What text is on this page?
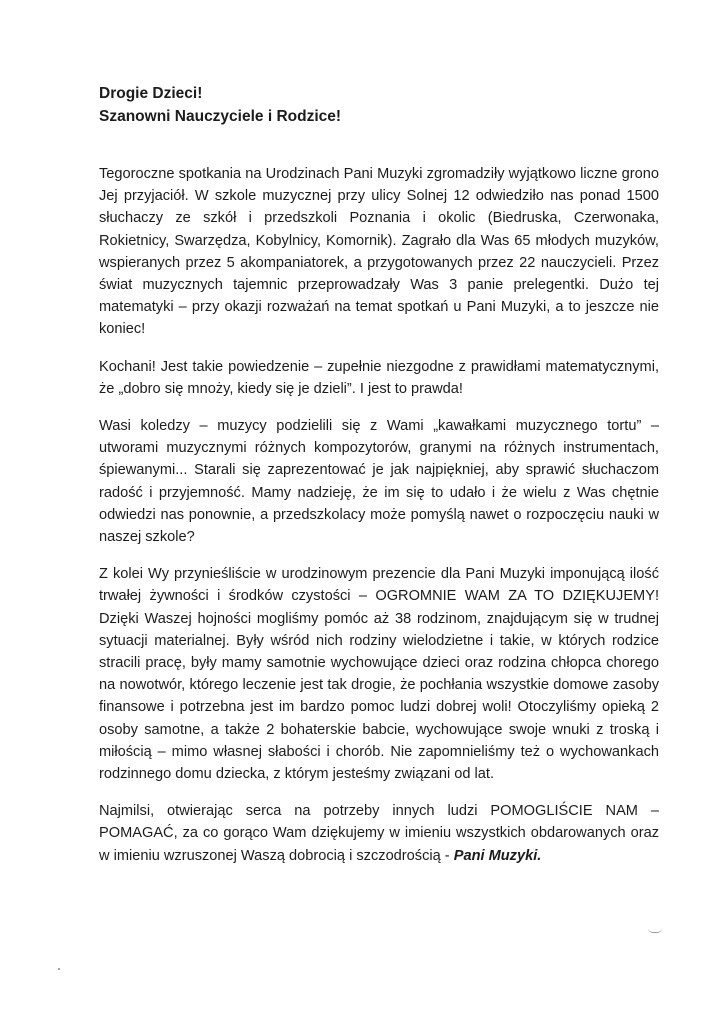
Drogie Dzieci!
Szanowni Nauczyciele i Rodzice!

Tegoroczne spotkania na Urodzinach Pani Muzyki zgromadziły wyjątkowo liczne grono Jej przyjaciół. W szkole muzycznej przy ulicy Solnej 12 odwiedziło nas ponad 1500 słuchaczy ze szkół i przedszkoli Poznania i okolic (Biedruska, Czerwonaka, Rokietnicy, Swarzędza, Kobylnicy, Komornik). Zagrało dla Was 65 młodych muzyków, wspieranych przez 5 akompaniatorek, a przygotowanych przez 22 nauczycieli. Przez świat muzycznych tajemnic przeprowadzały Was 3 panie prelegentki. Dużo tej matematyki – przy okazji rozważań na temat spotkań u Pani Muzyki, a to jeszcze nie koniec!

Kochani! Jest takie powiedzenie – zupełnie niezgodne z prawidłami matematycznymi, że „dobro się mnoży, kiedy się je dzieli”. I jest to prawda!

Wasi koledzy – muzycy podzielili się z Wami „kawałkami muzycznego tortu” – utworami muzycznymi różnych kompozytorów, granymi na różnych instrumentach, śpiewanymi... Starali się zaprezentować je jak najpiękniej, aby sprawić słuchaczom radość i przyjemność. Mamy nadzieję, że im się to udało i że wielu z Was chętnie odwiedzi nas ponownie, a przedszkolacy może pomyślą nawet o rozpoczęciu nauki w naszej szkole?

Z kolei Wy przynieśliście w urodzinowym prezencie dla Pani Muzyki imponującą ilość trwałej żywności i środków czystości – OGROMNIE WAM ZA TO DZIĘKUJEMY! Dzięki Waszej hojności mogliśmy pomóc aż 38 rodzinom, znajdującym się w trudnej sytuacji materialnej. Były wśród nich rodziny wielodzietne i takie, w których rodzice stracili pracę, były mamy samotnie wychowujące dzieci oraz rodzina chłopca chorego na nowotwór, którego leczenie jest tak drogie, że pochłania wszystkie domowe zasoby finansowe i potrzebna jest im bardzo pomoc ludzi dobrej woli! Otoczyliśmy opieką 2 osoby samotne, a także 2 bohaterskie babcie, wychowujące swoje wnuki z troską i miłością – mimo własnej słabości i chorób. Nie zapomnieliśmy też o wychowankach rodzinnego domu dziecka, z którym jesteśmy związani od lat.

Najmilsi, otwierając serca na potrzeby innych ludzi POMOGLIŚCIE NAM – POMAGAĆ, za co gorąco Wam dziękujemy w imieniu wszystkich obdarowanych oraz w imieniu wzruszonej Waszą dobrocią i szczodrością - Pani Muzyki.
